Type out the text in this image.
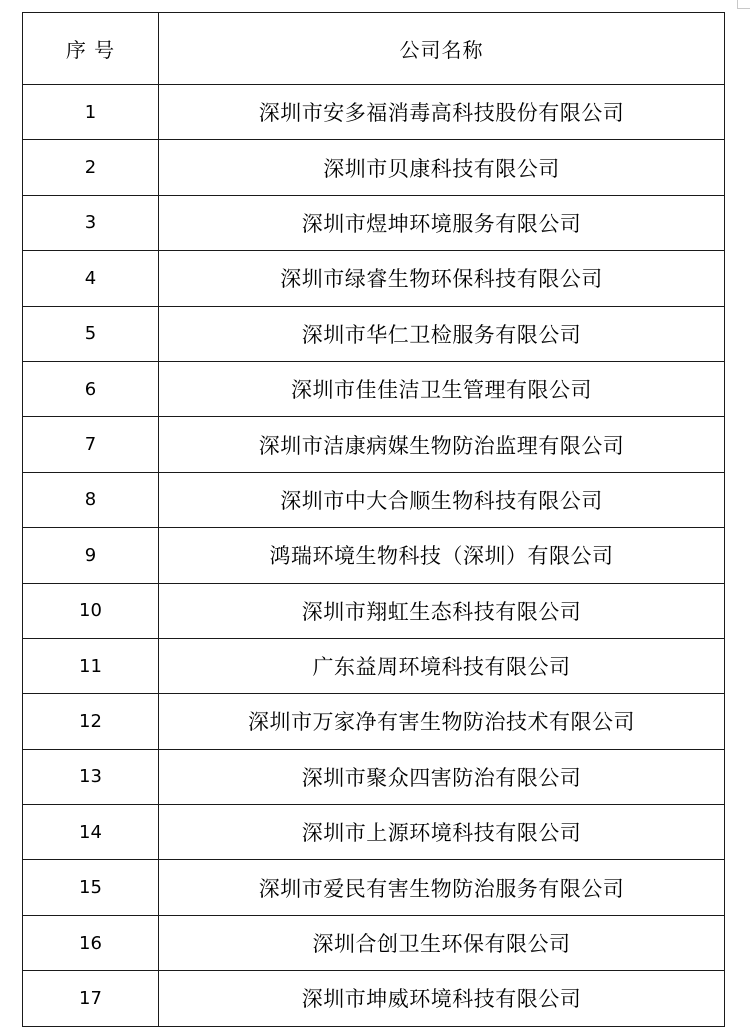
序 号	公司名称
1	深圳市安多福消毒高科技股份有限公司
2	深圳市贝康科技有限公司
3	深圳市煜坤环境服务有限公司
4	深圳市绿睿生物环保科技有限公司
5	深圳市华仁卫检服务有限公司
6	深圳市佳佳洁卫生管理有限公司
7	深圳市洁康病媒生物防治监理有限公司
8	深圳市中大合顺生物科技有限公司
9	鸿瑞环境生物科技（深圳）有限公司
10	深圳市翔虹生态科技有限公司
11	广东益周环境科技有限公司
12	深圳市万家净有害生物防治技术有限公司
13	深圳市聚众四害防治有限公司
14	深圳市上源环境科技有限公司
15	深圳市爱民有害生物防治服务有限公司
16	深圳合创卫生环保有限公司
17	深圳市坤威环境科技有限公司
